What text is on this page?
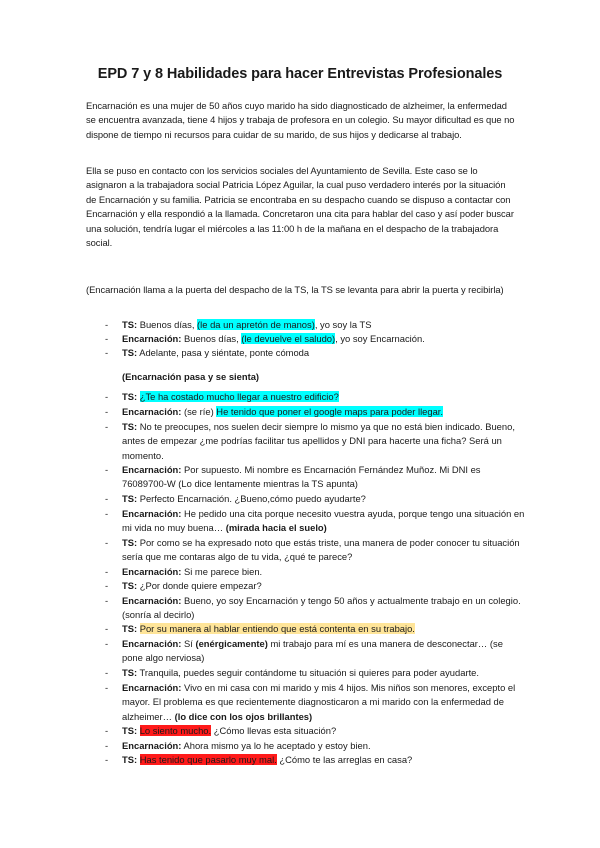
EPD 7 y 8 Habilidades para hacer Entrevistas Profesionales

Encarnación es una mujer de 50 años cuyo marido ha sido diagnosticado de alzheimer, la enfermedad se encuentra avanzada, tiene 4 hijos y trabaja de profesora en un colegio. Su mayor dificultad es que no dispone de tiempo ni recursos para cuidar de su marido, de sus hijos y dedicarse al trabajo.

Ella se puso en contacto con los servicios sociales del Ayuntamiento de Sevilla. Este caso se lo asignaron a la trabajadora social Patricia López Aguilar, la cual puso verdadero interés por la situación de Encarnación y su familia. Patricia se encontraba en su despacho cuando se dispuso a contactar con Encarnación y ella respondió a la llamada. Concretaron una cita para hablar del caso y así poder buscar una solución, tendría lugar el miércoles a las 11:00 h de la mañana en el despacho de la trabajadora social.

(Encarnación llama a la puerta del despacho de la TS, la TS se levanta para abrir la puerta y recibirla)

- TS: Buenos días, (le da un apretón de manos), yo soy la TS
- Encarnación: Buenos días, (le devuelve el saludo), yo soy Encarnación.
- TS: Adelante, pasa y siéntate, ponte cómoda
- TS: ¿Te ha costado mucho llegar a nuestro edificio?
- Encarnación: (se ríe) He tenido que poner el google maps para poder llegar.
- TS: No te preocupes, nos suelen decir siempre lo mismo ya que no está bien indicado. Bueno, antes de empezar ¿me podrías facilitar tus apellidos y DNI para hacerte una ficha? Será un momento.
- Encarnación: Por supuesto. Mi nombre es Encarnación Fernández Muñoz. Mi DNI es 76089700-W (Lo dice lentamente mientras la TS apunta)
- TS: Perfecto Encarnación. ¿Bueno,cómo puedo ayudarte?
- Encarnación: He pedido una cita porque necesito vuestra ayuda, porque tengo una situación en mi vida no muy buena… (mirada hacia el suelo)
- TS: Por como se ha expresado noto que estás triste, una manera de poder conocer tu situación sería que me contaras algo de tu vida, ¿qué te parece?
- Encarnación: Si me parece bien.
- TS: ¿Por donde quiere empezar?
- Encarnación: Bueno, yo soy Encarnación y tengo 50 años y actualmente trabajo en un colegio. (sonría al decirlo)
- TS: Por su manera al hablar entiendo que está contenta en su trabajo.
- Encarnación: Sí (enérgicamente) mi trabajo para mí es una manera de desconectar… (se pone algo nerviosa)
- TS: Tranquila, puedes seguir contándome tu situación si quieres para poder ayudarte.
- Encarnación: Vivo en mi casa con mi marido y mis 4 hijos. Mis niños son menores, excepto el mayor. El problema es que recientemente diagnosticaron a mi marido con la enfermedad de alzheimer… (lo dice con los ojos brillantes)
- TS: Lo siento mucho. ¿Cómo llevas esta situación?
- Encarnación: Ahora mismo ya lo he aceptado y estoy bien.
- TS: Has tenido que pasarlo muy mal. ¿Cómo te las arreglas en casa?
(Encarnación pasa y se sienta)
